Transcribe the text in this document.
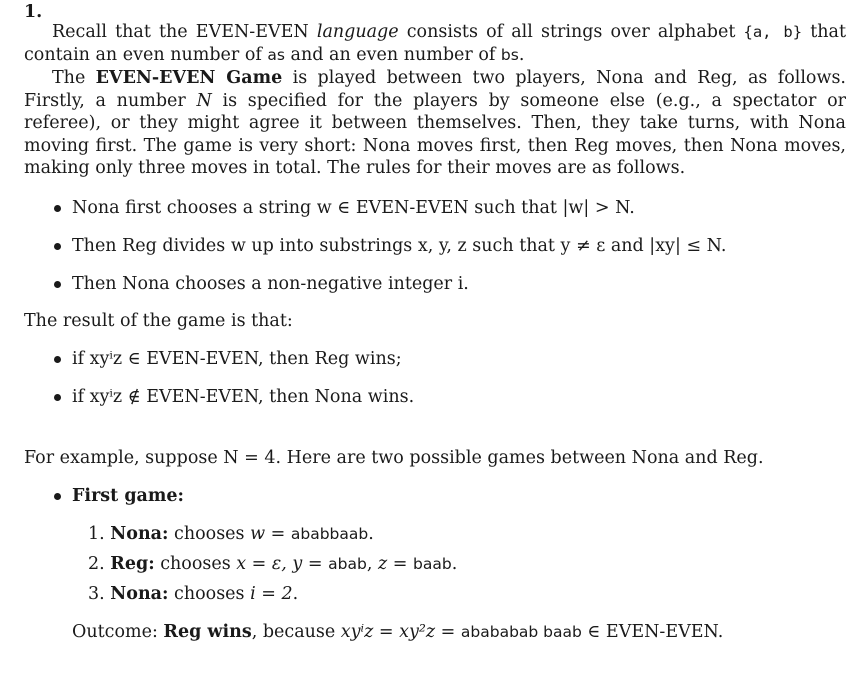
1.

Recall that the EVEN-EVEN language consists of all strings over alphabet {a, b} that contain an even number of as and an even number of bs.

The EVEN-EVEN Game is played between two players, Nona and Reg, as follows. Firstly, a number N is specified for the players by someone else (e.g., a spectator or referee), or they might agree it between themselves. Then, they take turns, with Nona moving first. The game is very short: Nona moves first, then Reg moves, then Nona moves, making only three moves in total. The rules for their moves are as follows.

Nona first chooses a string w ∈ EVEN-EVEN such that |w| > N.
Then Reg divides w up into substrings x, y, z such that y ≠ ε and |xy| ≤ N.
Then Nona chooses a non-negative integer i.
The result of the game is that:
if xyⁱz ∈ EVEN-EVEN, then Reg wins;
if xyⁱz ∉ EVEN-EVEN, then Nona wins.
For example, suppose N = 4. Here are two possible games between Nona and Reg.
First game:
1. Nona: chooses w = ababbaab.
2. Reg: chooses x = ε, y = abab, z = baab.
3. Nona: chooses i = 2.
Outcome: Reg wins, because xyⁱz = xy²z = abababab baab ∈ EVEN-EVEN.
